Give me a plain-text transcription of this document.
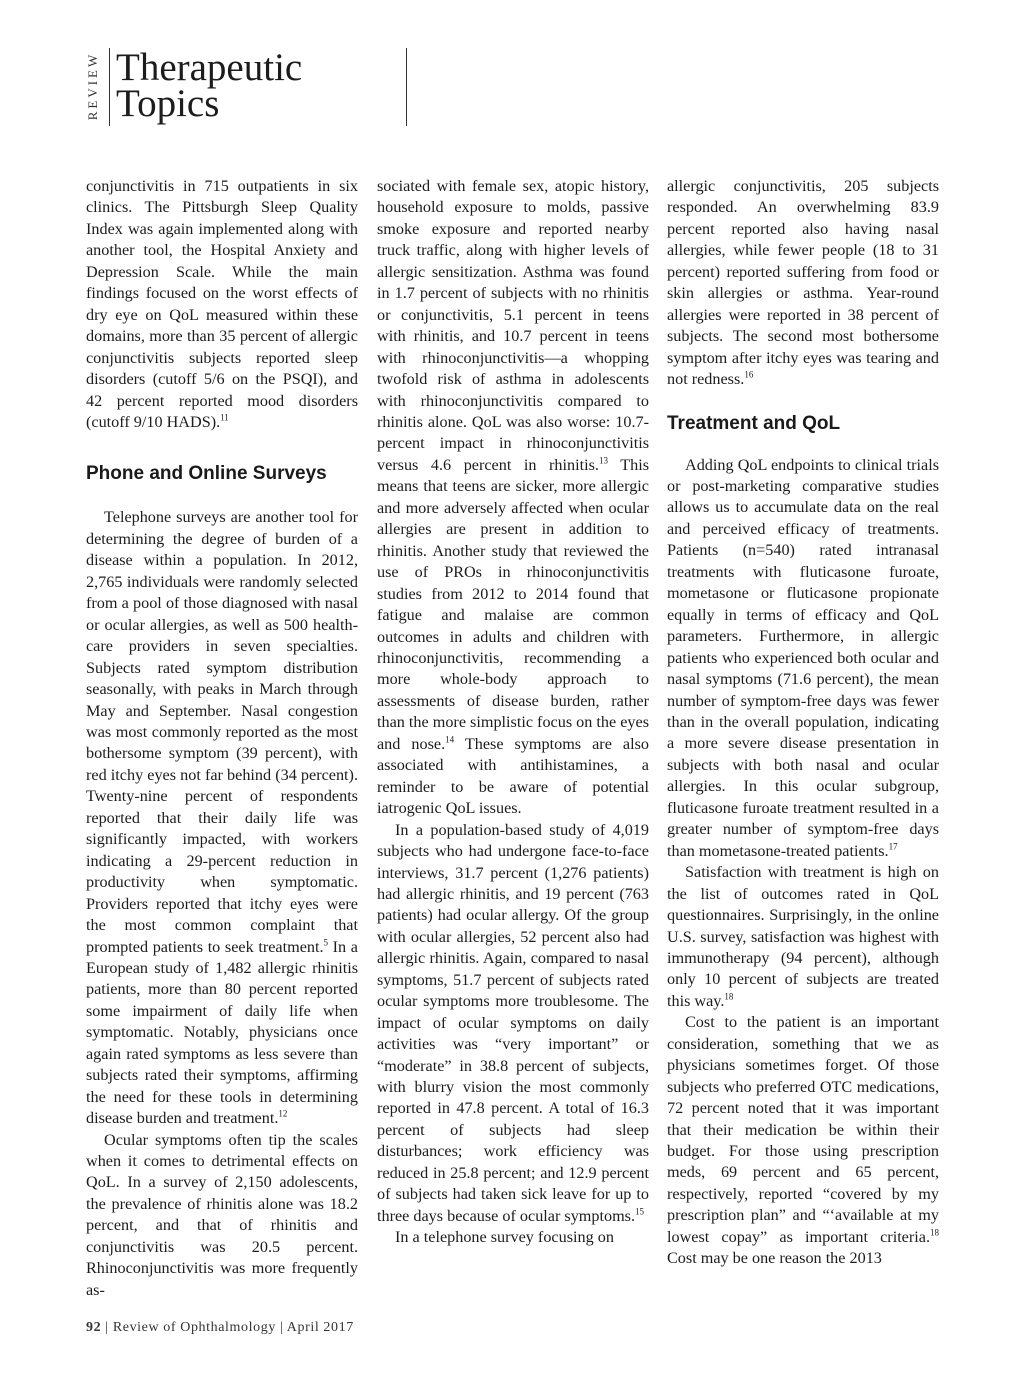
REVIEW Therapeutic
Topics

conjunctivitis in 715 outpatients in six clinics. The Pittsburgh Sleep Quality Index was again implemented along with another tool, the Hospital Anxiety and Depression Scale. While the main findings focused on the worst effects of dry eye on QoL measured within these domains, more than 35 percent of allergic conjunctivitis subjects reported sleep disorders (cutoff 5/6 on the PSQI), and 42 percent reported mood disorders (cutoff 9/10 HADS).$^{11}$

Phone and Online Surveys

Telephone surveys are another tool for determining the degree of burden of a disease within a population. In 2012, 2,765 individuals were randomly selected from a pool of those diagnosed with nasal or ocular allergies, as well as 500 health-care providers in seven specialties. Subjects rated symptom distribution seasonally, with peaks in March through May and September. Nasal congestion was most commonly reported as the most bothersome symptom (39 percent), with red itchy eyes not far behind (34 percent). Twenty-nine percent of respondents reported that their daily life was significantly impacted, with workers indicating a 29-percent reduction in productivity when symptomatic. Providers reported that itchy eyes were the most common complaint that prompted patients to seek treatment.$^5$ In a European study of 1,482 allergic rhinitis patients, more than 80 percent reported some impairment of daily life when symptomatic. Notably, physicians once again rated symptoms as less severe than subjects rated their symptoms, affirming the need for these tools in determining disease burden and treatment.$^{12}$

Ocular symptoms often tip the scales when it comes to detrimental effects on QoL. In a survey of 2,150 adolescents, the prevalence of rhinitis alone was 18.2 percent, and that of rhinitis and conjunctivitis was 20.5 percent. Rhinoconjunctivitis was more frequently as-

sociated with female sex, atopic history, household exposure to molds, passive smoke exposure and reported nearby truck traffic, along with higher levels of allergic sensitization. Asthma was found in 1.7 percent of subjects with no rhinitis or conjunctivitis, 5.1 percent in teens with rhinitis, and 10.7 percent in teens with rhinoconjunctivitis—a whopping twofold risk of asthma in adolescents with rhinoconjunctivitis compared to rhinitis alone. QoL was also worse: 10.7-percent impact in rhinoconjunctivitis versus 4.6 percent in rhinitis.$^{13}$ This means that teens are sicker, more allergic and more adversely affected when ocular allergies are present in addition to rhinitis. Another study that reviewed the use of PROs in rhinoconjunctivitis studies from 2012 to 2014 found that fatigue and malaise are common outcomes in adults and children with rhinoconjunctivitis, recommending a more whole-body approach to assessments of disease burden, rather than the more simplistic focus on the eyes and nose.$^{14}$ These symptoms are also associated with antihistamines, a reminder to be aware of potential iatrogenic QoL issues.

In a population-based study of 4,019 subjects who had undergone face-to-face interviews, 31.7 percent (1,276 patients) had allergic rhinitis, and 19 percent (763 patients) had ocular allergy. Of the group with ocular allergies, 52 percent also had allergic rhinitis. Again, compared to nasal symptoms, 51.7 percent of subjects rated ocular symptoms more troublesome. The impact of ocular symptoms on daily activities was “very important” or “moderate” in 38.8 percent of subjects, with blurry vision the most commonly reported in 47.8 percent. A total of 16.3 percent of subjects had sleep disturbances; work efficiency was reduced in 25.8 percent; and 12.9 percent of subjects had taken sick leave for up to three days because of ocular symptoms.$^{15}$

In a telephone survey focusing on

allergic conjunctivitis, 205 subjects responded. An overwhelming 83.9 percent reported also having nasal allergies, while fewer people (18 to 31 percent) reported suffering from food or skin allergies or asthma. Year-round allergies were reported in 38 percent of subjects. The second most bothersome symptom after itchy eyes was tearing and not redness.$^{16}$

Treatment and QoL

Adding QoL endpoints to clinical trials or post-marketing comparative studies allows us to accumulate data on the real and perceived efficacy of treatments. Patients (n=540) rated intranasal treatments with fluticasone furoate, mometasone or fluticasone propionate equally in terms of efficacy and QoL parameters. Furthermore, in allergic patients who experienced both ocular and nasal symptoms (71.6 percent), the mean number of symptom-free days was fewer than in the overall population, indicating a more severe disease presentation in subjects with both nasal and ocular allergies. In this ocular subgroup, fluticasone furoate treatment resulted in a greater number of symptom-free days than mometasone-treated patients.$^{17}$

Satisfaction with treatment is high on the list of outcomes rated in QoL questionnaires. Surprisingly, in the online U.S. survey, satisfaction was highest with immunotherapy (94 percent), although only 10 percent of subjects are treated this way.$^{18}$

Cost to the patient is an important consideration, something that we as physicians sometimes forget. Of those subjects who preferred OTC medications, 72 percent noted that it was important that their medication be within their budget. For those using prescription meds, 69 percent and 65 percent, respectively, reported “covered by my prescription plan” and “‘available at my lowest copay” as important criteria.$^{18}$ Cost may be one reason the 2013

92 | Review of Ophthalmology | April 2017
